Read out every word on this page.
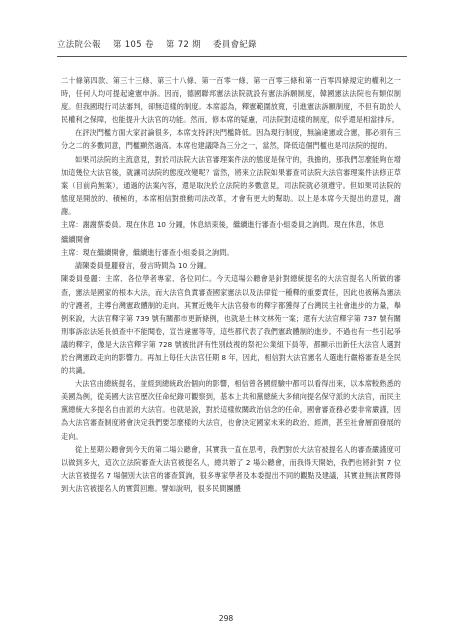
立法院公報 第 105 卷 第 72 期 委員會紀錄

二十條第四款、第三十三條、第三十八條、第一百零一條、第一百零三條和第一百零四條規定的權利之一時，任何人均可提起違憲申訴。因而，德國聯邦憲法法院就設有憲法訴願制度，韓國憲法法院也有類似制度。但我國現行司法審判，卻無這樣的制度。本席認為，釋憲範圍放寬，引進憲法訴願制度，不但有助於人民權利之保障，也能提升大法官的功能。然而，修本席的疑慮，司法院對這樣的制度，似乎還是相當排斥。

在評決門檻方面大家討論很多，本席支持評決門檻降低。因為現行制度，無論違憲或合憲，都必須有三分之二的多數同意，門檻顯然過高。本席也建議降為三分之一，當然，降低這個門檻也是司法院的提的。

如果司法院的主流意見，對於司法院大法官審理案件法的態度是保守的，我擔的，那我們怎麼能夠在增加這幾位大法官後，就讓司法院的態度改變呢？當然，將來立法院如果審查司法院大法官審理案件法修正草案（目前尚無案），通過的法案內容，還是取決於立法院的多數意見，司法院就必須遵守。但如果司法院的態度是開放的、積極的，本席相信對推動司法改革，才會有更大的幫助。以上是本席今天提出的意見，謝謝。

主席：謝謝蔡委員。現在休息 10 分鐘，休息結束後，繼續進行審查小組委員之詢問。現在休息，休息

繼續開會

主席：現在繼續開會，繼續進行審查小組委員之詢問。

請陳委員曼麗發言，發言時間為 10 分鐘。

陳委員曼麗：主席、各位學者專家、各位同仁。今天這場公聽會是針對總統提名的大法官提名人所做的審查，憲法是國家的根本大法，而大法官負責審查國家憲法以及法律從一種釋的重要責任，因此也被稱為憲法的守護者，主導台灣憲政體制的走向。其實近幾年大法官發布的釋字都獲得了台灣民主社會進步的力量，舉例來說，大法官釋字第 739 號有關都市更新條例，也就是士林文林苑一案；還有大法官釋字第 737 號有關刑事訴訟法延長偵查中不能閱卷，宣告違憲等等，這些都代表了我們憲政體制的進步。不過也有一些引起爭議的釋字，像是大法官釋字第 728 號被批評有性別歧視的祭祀公業組下員等，都顯示出新任大法官人選對於台灣憲政走向的影響力。再加上每任大法官任期 8 年，因此，相信對大法官憲名人選進行嚴格審查是全民的共識。

大法官由總統提名，並經到總統政治個向的影響，相信曾各國經驗中都可以看得出來，以本席較熟悉的美國為例，從美國大法官歷次任命紀錄可觀察到，基本上共和黨總統大多傾向提名保守派的大法官，而民主黨總統大多提名自由派的大法官。也就是說，對於這樣攸關政治信念的任命，國會審查務必要非常嚴謹，因為大法官審查制度將會決定我們要怎麼樣的大法官，也會決定國家未來的政治、經濟，甚至社會層面發展的走向。

從上星期公聽會到今天的第二場公聽會，其實我一直在思考，我們對於大法官被提名人的審查嚴謹度可以做到多大，這次立法院審查大法官被提名人，總共辦了 2 場公聽會，而我得天開始，我們也將針對 7 位大法官被提名 7 場個別大法官的審查質詢，很多專家學者及本委提出不同的觀點及建議，其實並無法實際得到大法官被提名人的實質回應。譬如說明，很多民間團體

298
